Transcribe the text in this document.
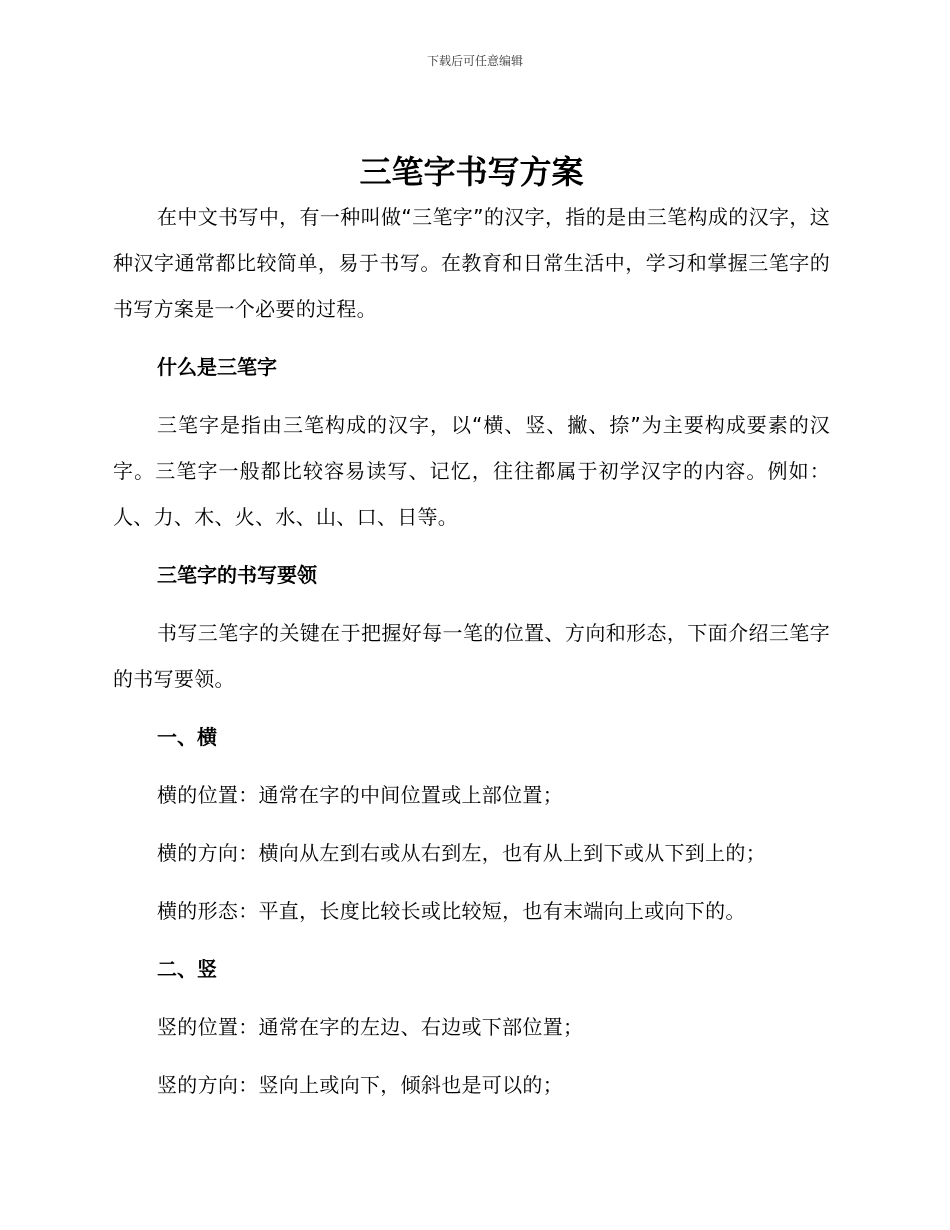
下载后可任意编辑
三笔字书写方案

在中文书写中，有一种叫做“三笔字”的汉字，指的是由三笔构成的汉字，这种汉字通常都比较简单，易于书写。在教育和日常生活中，学习和掌握三笔字的书写方案是一个必要的过程。

什么是三笔字

三笔字是指由三笔构成的汉字，以“横、竖、撇、捺”为主要构成要素的汉字。三笔字一般都比较容易读写、记忆，往往都属于初学汉字的内容。例如：人、力、木、火、水、山、口、日等。

三笔字的书写要领

书写三笔字的关键在于把握好每一笔的位置、方向和形态，下面介绍三笔字的书写要领。

一、横

横的位置：通常在字的中间位置或上部位置；

横的方向：横向从左到右或从右到左，也有从上到下或从下到上的；

横的形态：平直，长度比较长或比较短，也有末端向上或向下的。

二、竖

竖的位置：通常在字的左边、右边或下部位置；

竖的方向：竖向上或向下，倾斜也是可以的；
